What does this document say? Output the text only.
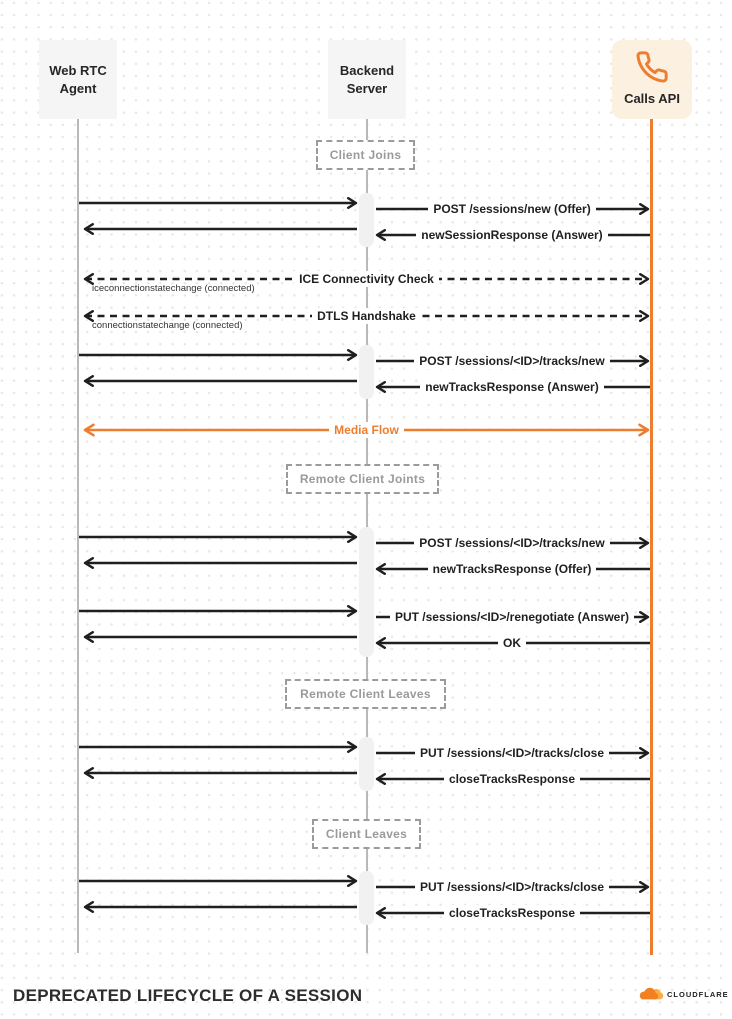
POST /sessions/new (Offer)
newSessionResponse (Answer)
ICE Connectivity Check
iceconnectionstatechange (connected)
DTLS Handshake
connectionstatechange (connected)
POST /sessions/<ID>/tracks/new
newTracksResponse (Answer)
Media Flow
POST /sessions/<ID>/tracks/new
newTracksResponse (Offer)
PUT /sessions/<ID>/renegotiate (Answer)
OK
PUT /sessions/<ID>/tracks/close
closeTracksResponse
PUT /sessions/<ID>/tracks/close
closeTracksResponse
Client Joins
Remote Client Joints
Remote Client Leaves
Client Leaves
Web RTC Agent
Backend Server
Calls API
DEPRECATED LIFECYCLE OF A SESSION	CLOUDFLARE
